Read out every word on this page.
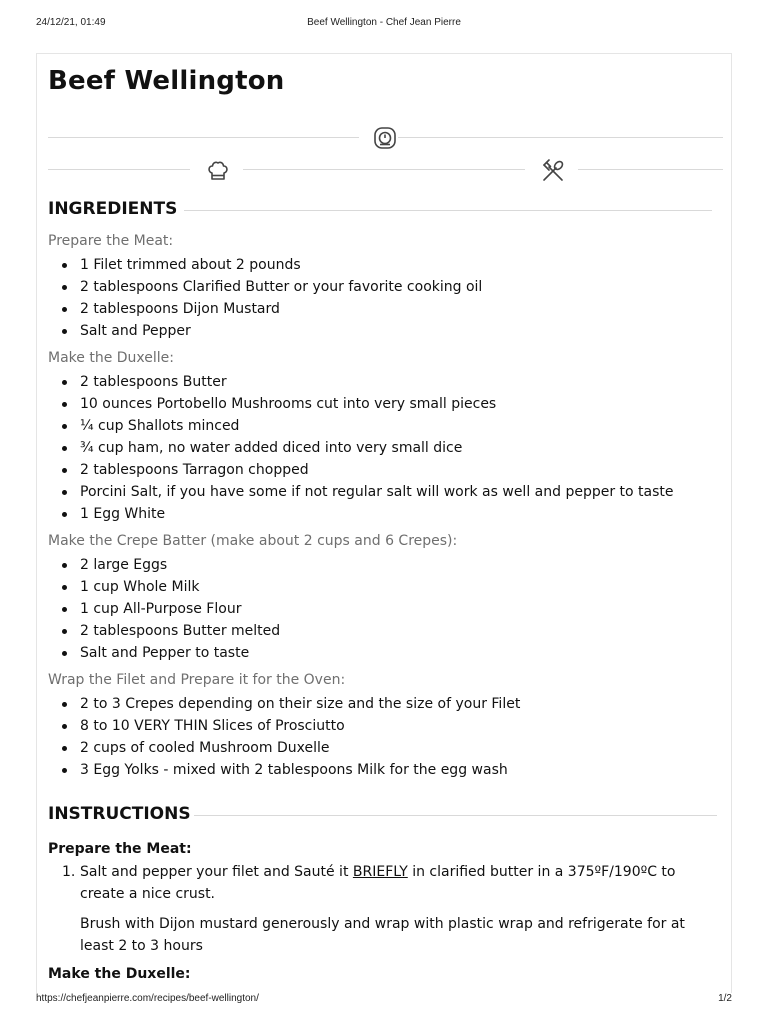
24/12/21, 01:49	Beef Wellington - Chef Jean Pierre
Beef Wellington
INGREDIENTS
Prepare the Meat:
1 Filet trimmed about 2 pounds
2 tablespoons Clarified Butter or your favorite cooking oil
2 tablespoons Dijon Mustard
Salt and Pepper
Make the Duxelle:
2 tablespoons Butter
10 ounces Portobello Mushrooms cut into very small pieces
¼ cup Shallots minced
¾ cup ham, no water added diced into very small dice
2 tablespoons Tarragon chopped
Porcini Salt, if you have some if not regular salt will work as well and pepper to taste
1 Egg White
Make the Crepe Batter (make about 2 cups and 6 Crepes):
2 large Eggs
1 cup Whole Milk
1 cup All-Purpose Flour
2 tablespoons Butter melted
Salt and Pepper to taste
Wrap the Filet and Prepare it for the Oven:
2 to 3 Crepes depending on their size and the size of your Filet
8 to 10 VERY THIN Slices of Prosciutto
2 cups of cooled Mushroom Duxelle
3 Egg Yolks - mixed with 2 tablespoons Milk for the egg wash
INSTRUCTIONS
Prepare the Meat:
1. Salt and pepper your filet and Sauté it BRIEFLY in clarified butter in a 375ºF/190ºC to create a nice crust.

Brush with Dijon mustard generously and wrap with plastic wrap and refrigerate for at least 2 to 3 hours

Make the Duxelle:
https://chefjeanpierre.com/recipes/beef-wellington/	1/2
